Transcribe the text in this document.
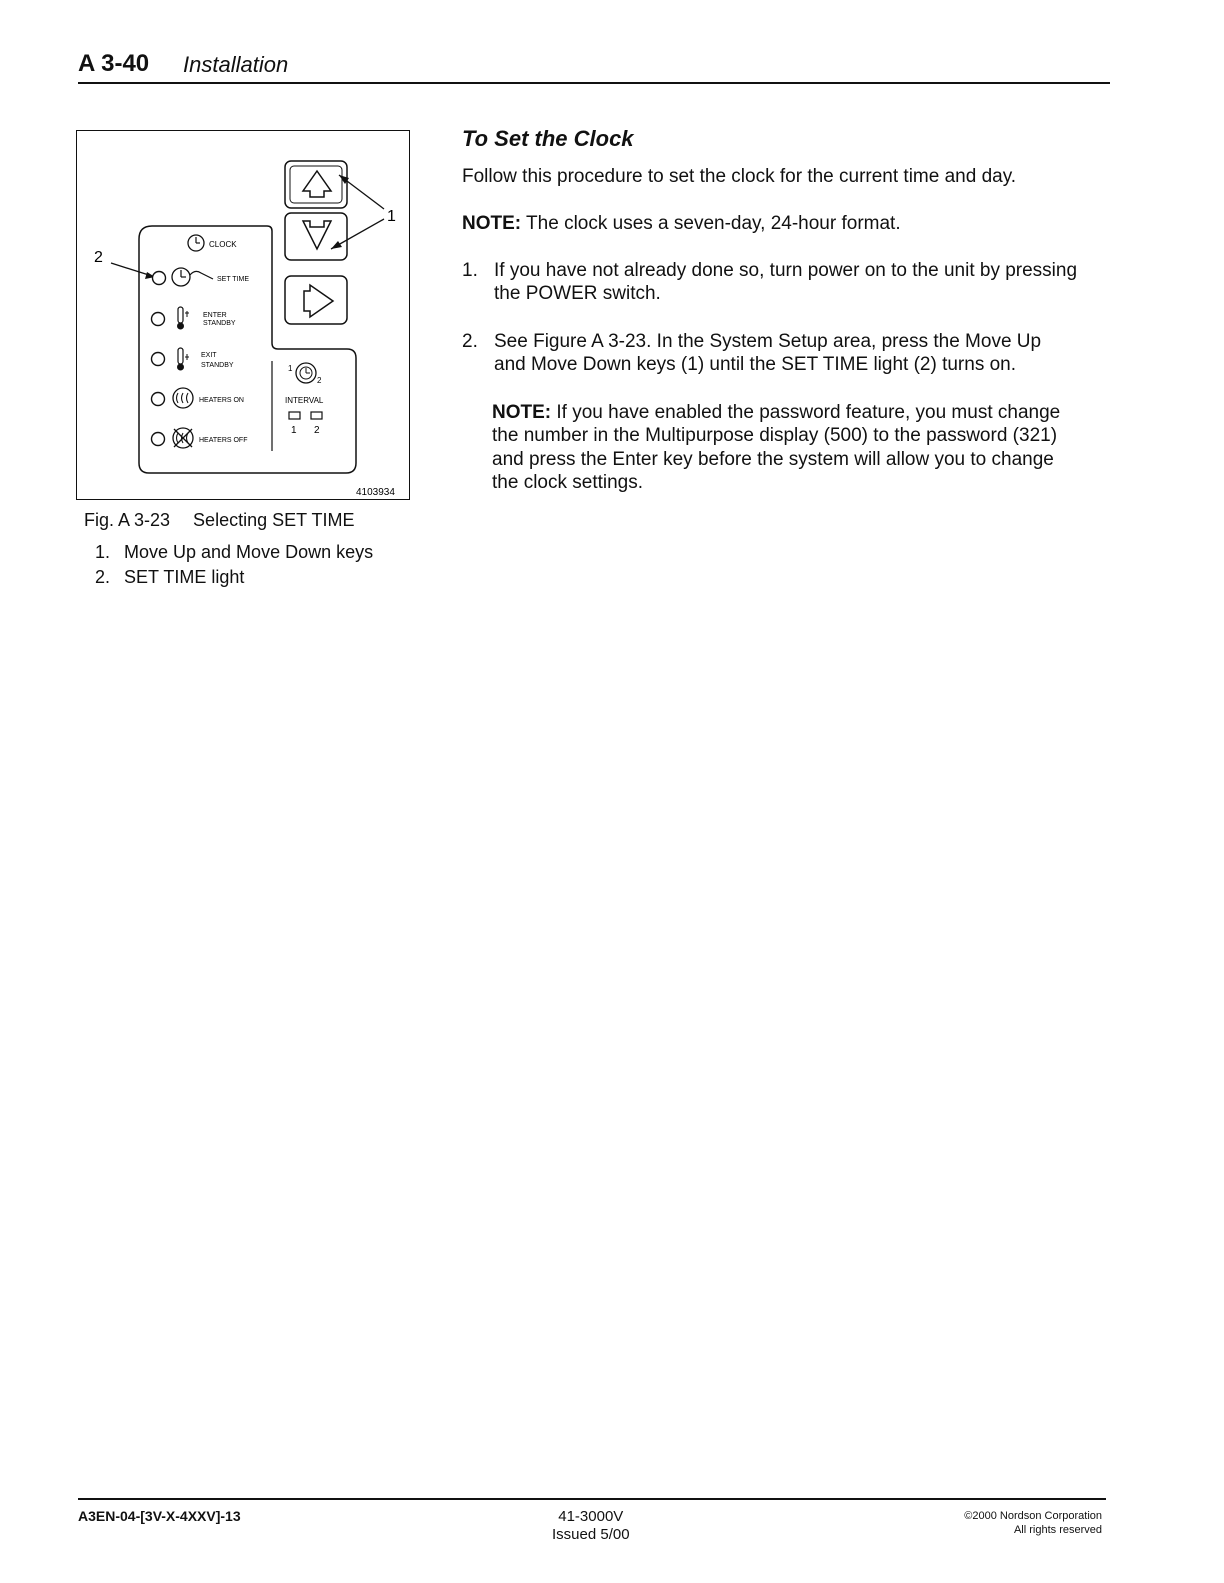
A 3-40 Installation
1
2
CLOCK
SET TIME
ENTER
STANDBY
EXIT
STANDBY
HEATERS ON
HEATERS OFF
1
2
INTERVAL
1 2
4103934
Fig. A 3-23  Selecting SET TIME
1. Move Up and Move Down keys
2. SET TIME light
To Set the Clock
Follow this procedure to set the clock for the current time and day.
NOTE: The clock uses a seven-day, 24-hour format.
1. If you have not already done so, turn power on to the unit by pressing
the POWER switch.
2. See Figure A 3-23. In the System Setup area, press the Move Up
and Move Down keys (1) until the SET TIME light (2) turns on.
NOTE: If you have enabled the password feature, you must change
the number in the Multipurpose display (500) to the password (321)
and press the Enter key before the system will allow you to change
the clock settings.
A3EN-04-[3V-X-4XXV]-13	41-3000V
Issued 5/00
©2000 Nordson Corporation
All rights reserved
